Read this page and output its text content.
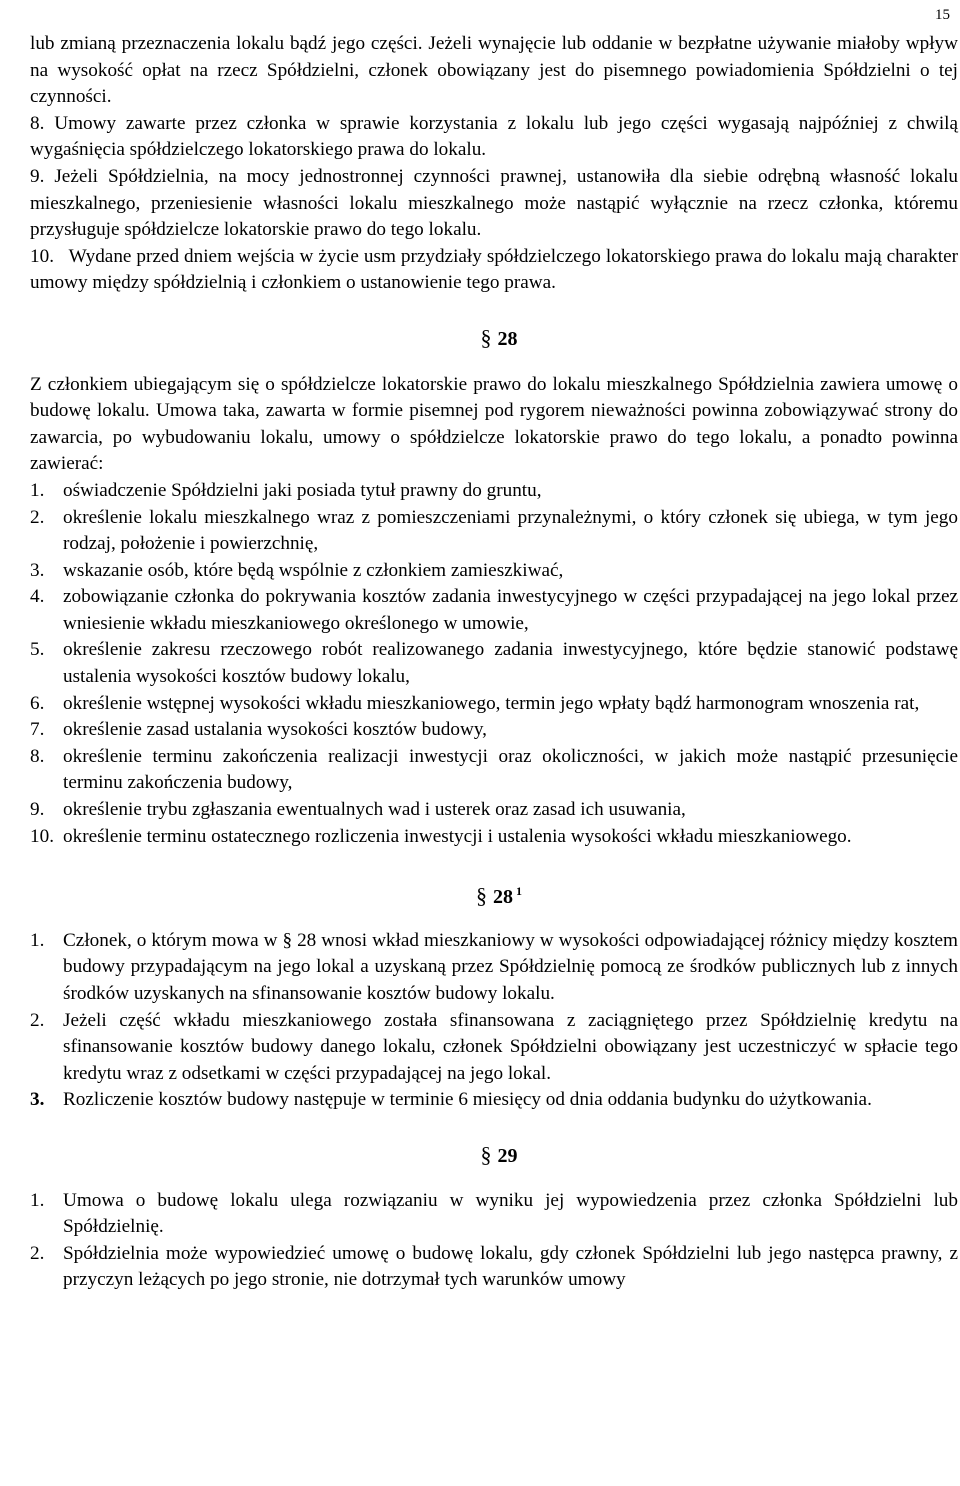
15

lub zmianą przeznaczenia lokalu bądź jego części. Jeżeli wynajęcie lub oddanie w bezpłatne używanie miałoby wpływ na wysokość opłat na rzecz Spółdzielni, członek obowiązany jest do pisemnego powiadomienia Spółdzielni o tej czynności.

8. Umowy zawarte przez członka w sprawie korzystania z lokalu lub jego części wygasają najpóźniej z chwilą wygaśnięcia spółdzielczego lokatorskiego prawa do lokalu.

9. Jeżeli Spółdzielnia, na mocy jednostronnej czynności prawnej, ustanowiła dla siebie odrębną własność lokalu mieszkalnego, przeniesienie własności lokalu mieszkalnego może nastąpić wyłącznie na rzecz członka, któremu przysługuje spółdzielcze lokatorskie prawo do tego lokalu.

10. Wydane przed dniem wejścia w życie usm przydziały spółdzielczego lokatorskiego prawa do lokalu mają charakter umowy między spółdzielnią i członkiem o ustanowienie tego prawa.

§ 28

Z członkiem ubiegającym się o spółdzielcze lokatorskie prawo do lokalu mieszkalnego Spółdzielnia zawiera umowę o budowę lokalu. Umowa taka, zawarta w formie pisemnej pod rygorem nieważności powinna zobowiązywać strony do zawarcia, po wybudowaniu lokalu, umowy o spółdzielcze lokatorskie prawo do tego lokalu, a ponadto powinna zawierać:

1. oświadczenie Spółdzielni jaki posiada tytuł prawny do gruntu,
2. określenie lokalu mieszkalnego wraz z pomieszczeniami przynależnymi, o który członek się ubiega, w tym jego rodzaj, położenie i powierzchnię,
3. wskazanie osób, które będą wspólnie z członkiem zamieszkiwać,
4. zobowiązanie członka do pokrywania kosztów zadania inwestycyjnego w części przypadającej na jego lokal przez wniesienie wkładu mieszkaniowego określonego w umowie,
5. określenie zakresu rzeczowego robót realizowanego zadania inwestycyjnego, które będzie stanowić podstawę ustalenia wysokości kosztów budowy lokalu,
6. określenie wstępnej wysokości wkładu mieszkaniowego, termin jego wpłaty bądź harmonogram wnoszenia rat,
7. określenie zasad ustalania wysokości kosztów budowy,
8. określenie terminu zakończenia realizacji inwestycji oraz okoliczności, w jakich może nastąpić przesunięcie terminu zakończenia budowy,
9. określenie trybu zgłaszania ewentualnych wad i usterek oraz zasad ich usuwania,
10. określenie terminu ostatecznego rozliczenia inwestycji i ustalenia wysokości wkładu mieszkaniowego.
§ 28 $^1$
1. Członek, o którym mowa w § 28 wnosi wkład mieszkaniowy w wysokości odpowiadającej różnicy między kosztem budowy przypadającym na jego lokal a uzyskaną przez Spółdzielnię pomocą ze środków publicznych lub z innych środków uzyskanych na sfinansowanie kosztów budowy lokalu.
2. Jeżeli część wkładu mieszkaniowego została sfinansowana z zaciągniętego przez Spółdzielnię kredytu na sfinansowanie kosztów budowy danego lokalu, członek Spółdzielni obowiązany jest uczestniczyć w spłacie tego kredytu wraz z odsetkami w części przypadającej na jego lokal.
3. Rozliczenie kosztów budowy następuje w terminie 6 miesięcy od dnia oddania budynku do użytkowania.
§ 29
1. Umowa o budowę lokalu ulega rozwiązaniu w wyniku jej wypowiedzenia przez członka Spółdzielni lub Spółdzielnię.
2. Spółdzielnia może wypowiedzieć umowę o budowę lokalu, gdy członek Spółdzielni lub jego następca prawny, z przyczyn leżących po jego stronie, nie dotrzymał tych warunków umowy
